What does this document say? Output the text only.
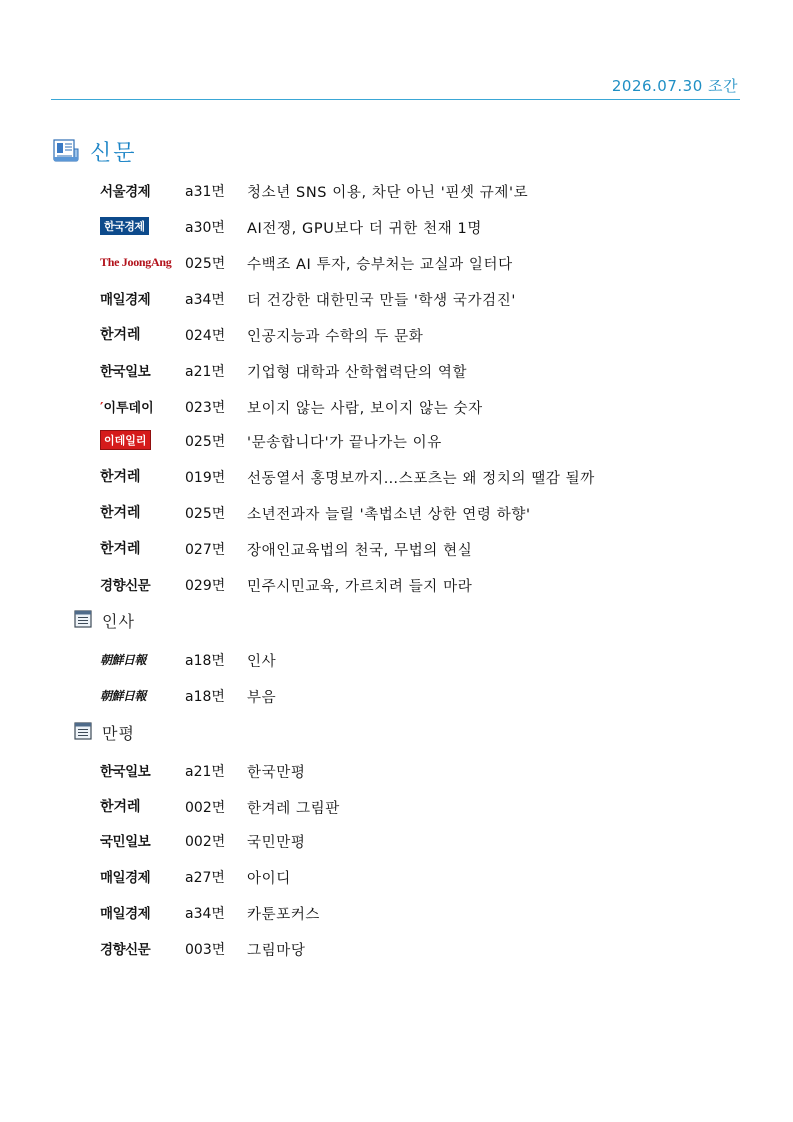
2026.07.30 조간
신문
서울경제 a31면 청소년 SNS 이용, 차단 아닌 '핀셋 규제'로
한국경제	a30면 AI전쟁, GPU보다 더 귀한 천재 1명
The JoongAng 025면 수백조 AI 투자, 승부처는 교실과 일터다
매일경제 a34면 더 건강한 대한민국 만들 '학생 국가검진'
한겨레	024면 인공지능과 수학의 두 문화
한국일보 a21면 기업형 대학과 산학협력단의 역할
′이투데이 023면 보이지 않는 사람, 보이지 않는 숫자
이데일리	025면 '문송합니다'가 끝나가는 이유
한겨레	019면 선동열서 홍명보까지…스포츠는 왜 정치의 땔감 될까
한겨레	025면 소년전과자 늘릴 '촉법소년 상한 연령 하향'
한겨레	027면 장애인교육법의 천국, 무법의 현실
경향신문 029면 민주시민교육, 가르치려 들지 마라
인사
朝鮮日報	a18면 인사
朝鮮日報	a18면 부음
만평
한국일보 a21면 한국만평
한겨레	002면 한겨레 그림판
국민일보 002면 국민만평
매일경제 a27면 아이디
매일경제 a34면 카툰포커스
경향신문 003면 그림마당
